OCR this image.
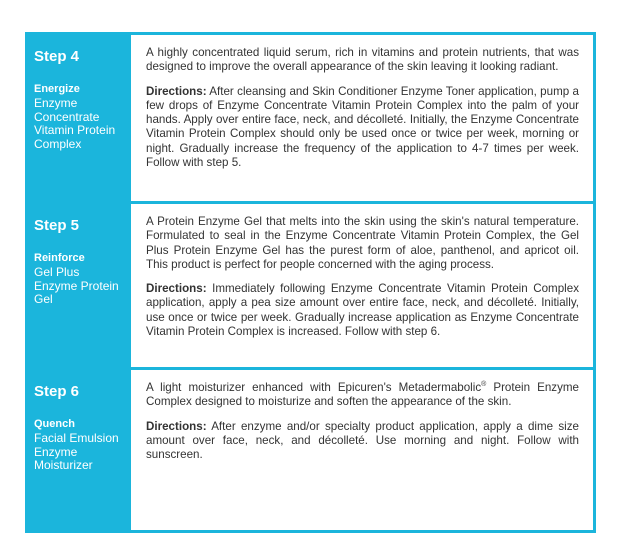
Step 4
Energize
Enzyme Concentrate Vitamin Protein Complex

A highly concentrated liquid serum, rich in vitamins and protein nutrients, that was designed to improve the overall appearance of the skin leaving it looking radiant.

Directions: After cleansing and Skin Conditioner Enzyme Toner application, pump a few drops of Enzyme Concentrate Vitamin Protein Complex into the palm of your hands. Apply over entire face, neck, and décolleté. Initially, the Enzyme Concentrate Vitamin Protein Complex should only be used once or twice per week, morning or night. Gradually increase the frequency of the application to 4-7 times per week. Follow with step 5.

Step 5
Reinforce
Gel Plus Enzyme Protein Gel

A Protein Enzyme Gel that melts into the skin using the skin's natural temperature. Formulated to seal in the Enzyme Concentrate Vitamin Protein Complex, the Gel Plus Protein Enzyme Gel has the purest form of aloe, panthenol, and apricot oil. This product is perfect for people concerned with the aging process.

Directions: Immediately following Enzyme Concentrate Vitamin Protein Complex application, apply a pea size amount over entire face, neck, and décolleté. Initially, use once or twice per week. Gradually increase application as Enzyme Concentrate Vitamin Protein Complex is increased. Follow with step 6.

Step 6
Quench
Facial Emulsion Enzyme Moisturizer

A light moisturizer enhanced with Epicuren's Metadermabolic® Protein Enzyme Complex designed to moisturize and soften the appearance of the skin.

Directions: After enzyme and/or specialty product application, apply a dime size amount over face, neck, and décolleté. Use morning and night. Follow with sunscreen.
